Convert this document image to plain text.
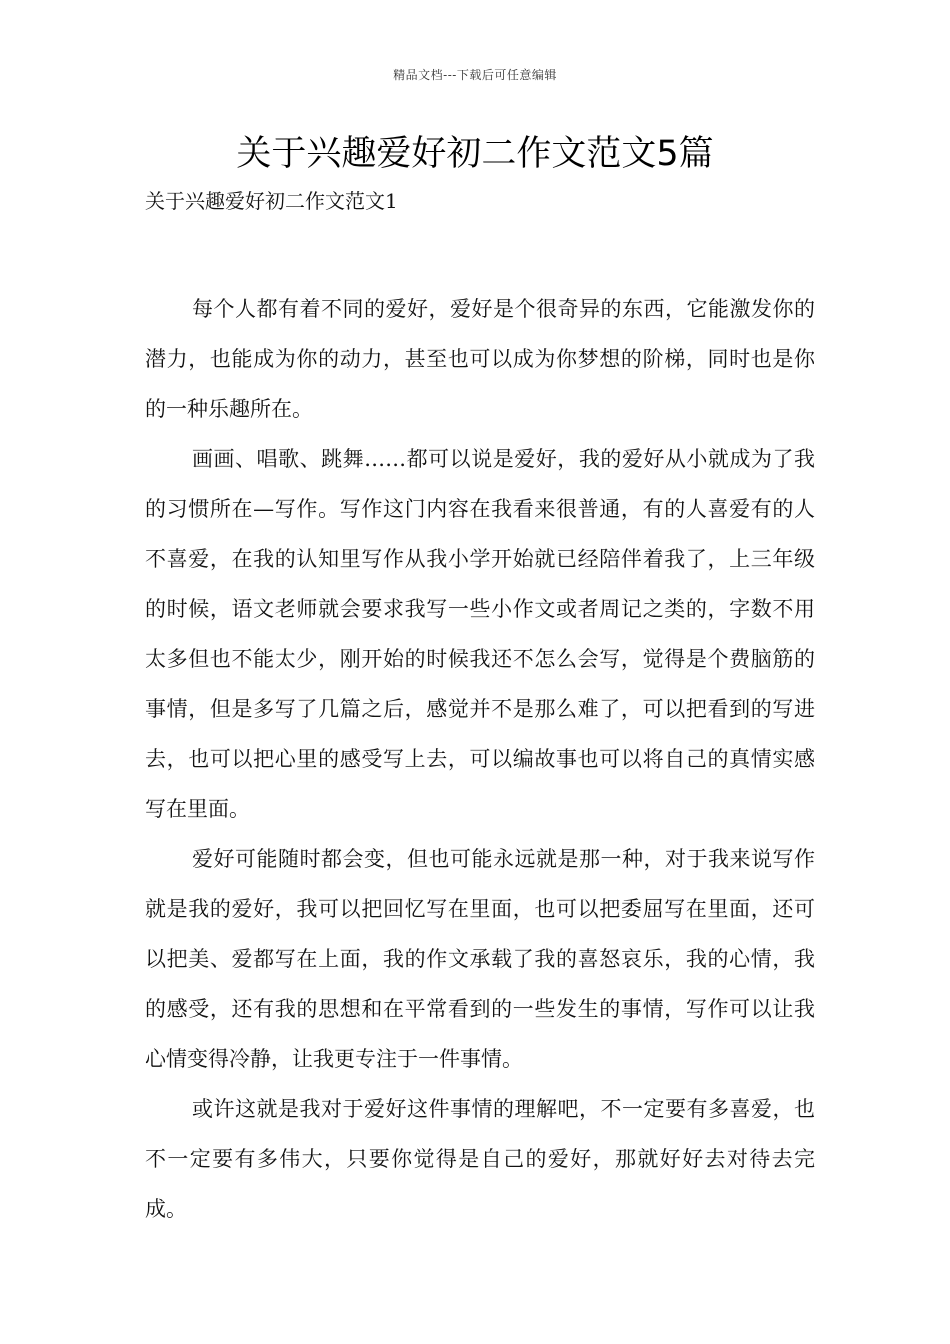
精品文档---下载后可任意编辑
关于兴趣爱好初二作文范文5篇
关于兴趣爱好初二作文范文1

每个人都有着不同的爱好，爱好是个很奇异的东西，它能激发你的潜力，也能成为你的动力，甚至也可以成为你梦想的阶梯，同时也是你的一种乐趣所在。

画画、唱歌、跳舞……都可以说是爱好，我的爱好从小就成为了我的习惯所在—写作。写作这门内容在我看来很普通，有的人喜爱有的人不喜爱，在我的认知里写作从我小学开始就已经陪伴着我了，上三年级的时候，语文老师就会要求我写一些小作文或者周记之类的，字数不用太多但也不能太少，刚开始的时候我还不怎么会写，觉得是个费脑筋的事情，但是多写了几篇之后，感觉并不是那么难了，可以把看到的写进去，也可以把心里的感受写上去，可以编故事也可以将自己的真情实感写在里面。

爱好可能随时都会变，但也可能永远就是那一种，对于我来说写作就是我的爱好，我可以把回忆写在里面，也可以把委屈写在里面，还可以把美、爱都写在上面，我的作文承载了我的喜怒哀乐，我的心情，我的感受，还有我的思想和在平常看到的一些发生的事情，写作可以让我心情变得冷静，让我更专注于一件事情。

或许这就是我对于爱好这件事情的理解吧，不一定要有多喜爱，也不一定要有多伟大，只要你觉得是自己的爱好，那就好好去对待去完成。
